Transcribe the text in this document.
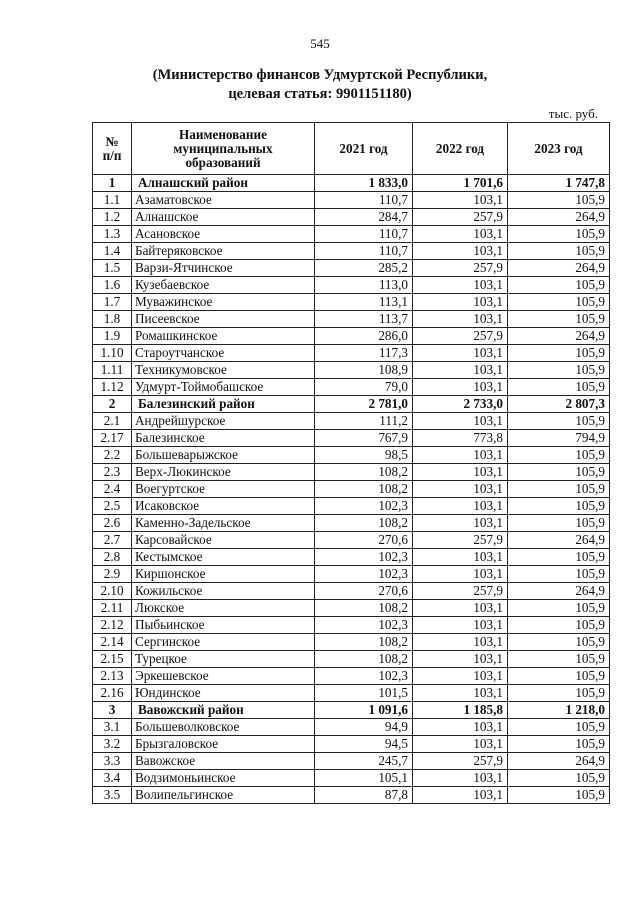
545
(Министерство финансов Удмуртской Республики,
целевая статья: 9901151180)
тыс. руб.
№
п/п	Наименование муниципальных образований	2021 год	2022 год	2023 год
1	Алнашский район	1 833,0	1 701,6	1 747,8
1.1	Азаматовское	110,7	103,1	105,9
1.2	Алнашское	284,7	257,9	264,9
1.3	Асановское	110,7	103,1	105,9
1.4	Байтеряковское	110,7	103,1	105,9
1.5	Варзи-Ятчинское	285,2	257,9	264,9
1.6	Кузебаевское	113,0	103,1	105,9
1.7	Муважинское	113,1	103,1	105,9
1.8	Писеевское	113,7	103,1	105,9
1.9	Ромашкинское	286,0	257,9	264,9
1.10	Староутчанское	117,3	103,1	105,9
1.11	Техникумовское	108,9	103,1	105,9
1.12	Удмурт-Тоймобашское	79,0	103,1	105,9
2	Балезинский район	2 781,0	2 733,0	2 807,3
2.1	Андрейшурское	111,2	103,1	105,9
2.17	Балезинское	767,9	773,8	794,9
2.2	Большеварыжское	98,5	103,1	105,9
2.3	Верх-Люкинское	108,2	103,1	105,9
2.4	Воегуртское	108,2	103,1	105,9
2.5	Исаковское	102,3	103,1	105,9
2.6	Каменно-Задельское	108,2	103,1	105,9
2.7	Карсовайское	270,6	257,9	264,9
2.8	Кестымское	102,3	103,1	105,9
2.9	Киршонское	102,3	103,1	105,9
2.10	Кожильское	270,6	257,9	264,9
2.11	Люкское	108,2	103,1	105,9
2.12	Пыбьинское	102,3	103,1	105,9
2.14	Сергинское	108,2	103,1	105,9
2.15	Турецкое	108,2	103,1	105,9
2.13	Эркешевское	102,3	103,1	105,9
2.16	Юндинское	101,5	103,1	105,9
3	Вавожский район	1 091,6	1 185,8	1 218,0
3.1	Большеволковское	94,9	103,1	105,9
3.2	Брызгаловское	94,5	103,1	105,9
3.3	Вавожское	245,7	257,9	264,9
3.4	Водзимоньинское	105,1	103,1	105,9
3.5	Волипельгинское	87,8	103,1	105,9
